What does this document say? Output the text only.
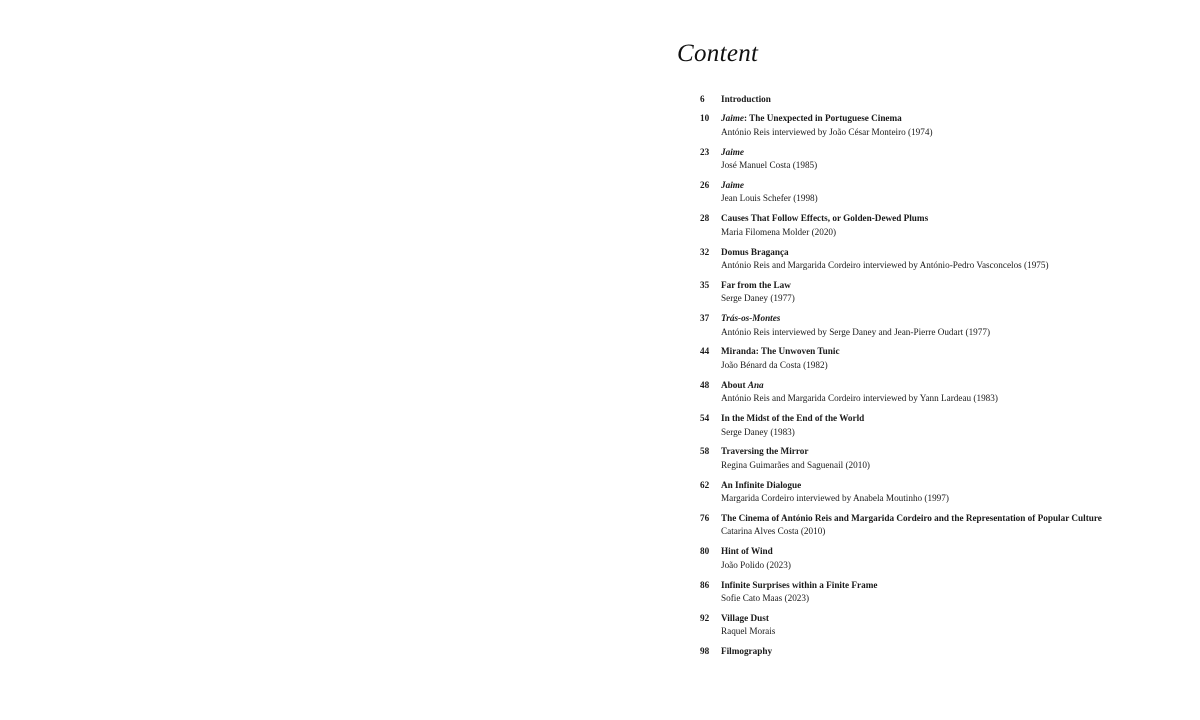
Content
6	Introduction
10	Jaime: The Unexpected in Portuguese Cinema
António Reis interviewed by João César Monteiro (1974)
23	Jaime
José Manuel Costa (1985)
26	Jaime
Jean Louis Schefer (1998)
28	Causes That Follow Effects, or Golden-Dewed Plums
Maria Filomena Molder (2020)
32	Domus Bragança
António Reis and Margarida Cordeiro interviewed by António-Pedro Vasconcelos (1975)
35	Far from the Law
Serge Daney (1977)
37	Trás-os-Montes
António Reis interviewed by Serge Daney and Jean-Pierre Oudart (1977)
44	Miranda: The Unwoven Tunic
João Bénard da Costa (1982)
48	About Ana
António Reis and Margarida Cordeiro interviewed by Yann Lardeau (1983)
54	In the Midst of the End of the World
Serge Daney (1983)
58	Traversing the Mirror
Regina Guimarães and Saguenail (2010)
62	An Infinite Dialogue
Margarida Cordeiro interviewed by Anabela Moutinho (1997)
76	The Cinema of António Reis and Margarida Cordeiro and the Representation of Popular Culture
Catarina Alves Costa (2010)
80	Hint of Wind
João Polido (2023)
86	Infinite Surprises within a Finite Frame
Sofie Cato Maas (2023)
92	Village Dust
Raquel Morais
98	Filmography
